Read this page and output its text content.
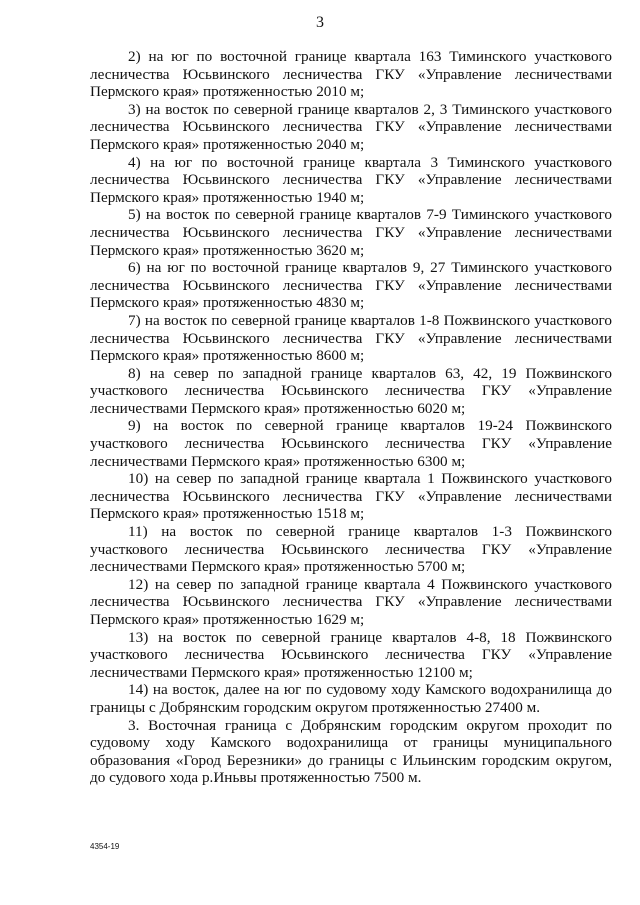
3

2) на юг по восточной границе квартала 163 Тиминского участкового лесничества Юсьвинского лесничества ГКУ «Управление лесничествами Пермского края» протяженностью 2010 м;

3) на восток по северной границе кварталов 2, 3 Тиминского участкового лесничества Юсьвинского лесничества ГКУ «Управление лесничествами Пермского края» протяженностью 2040 м;

4) на юг по восточной границе квартала 3 Тиминского участкового лесничества Юсьвинского лесничества ГКУ «Управление лесничествами Пермского края» протяженностью 1940 м;

5) на восток по северной границе кварталов 7-9 Тиминского участкового лесничества Юсьвинского лесничества ГКУ «Управление лесничествами Пермского края» протяженностью 3620 м;

6) на юг по восточной границе кварталов 9, 27 Тиминского участкового лесничества Юсьвинского лесничества ГКУ «Управление лесничествами Пермского края» протяженностью 4830 м;

7) на восток по северной границе кварталов 1-8 Пожвинского участкового лесничества Юсьвинского лесничества ГКУ «Управление лесничествами Пермского края» протяженностью 8600 м;

8) на север по западной границе кварталов 63, 42, 19 Пожвинского участкового лесничества Юсьвинского лесничества ГКУ «Управление лесничествами Пермского края» протяженностью 6020 м;

9) на восток по северной границе кварталов 19-24 Пожвинского участкового лесничества Юсьвинского лесничества ГКУ «Управление лесничествами Пермского края» протяженностью 6300 м;

10) на север по западной границе квартала 1 Пожвинского участкового лесничества Юсьвинского лесничества ГКУ «Управление лесничествами Пермского края» протяженностью 1518 м;

11) на восток по северной границе кварталов 1-3 Пожвинского участкового лесничества Юсьвинского лесничества ГКУ «Управление лесничествами Пермского края» протяженностью 5700 м;

12) на север по западной границе квартала 4 Пожвинского участкового лесничества Юсьвинского лесничества ГКУ «Управление лесничествами Пермского края» протяженностью 1629 м;

13) на восток по северной границе кварталов 4-8, 18 Пожвинского участкового лесничества Юсьвинского лесничества ГКУ «Управление лесничествами Пермского края» протяженностью 12100 м;

14) на восток, далее на юг по судовому ходу Камского водохранилища до границы с Добрянским городским округом протяженностью 27400 м.

3. Восточная граница с Добрянским городским округом проходит по судовому ходу Камского водохранилища от границы муниципального образования «Город Березники» до границы с Ильинским городским округом, до судового хода р.Иньвы протяженностью 7500 м.

4354-19
